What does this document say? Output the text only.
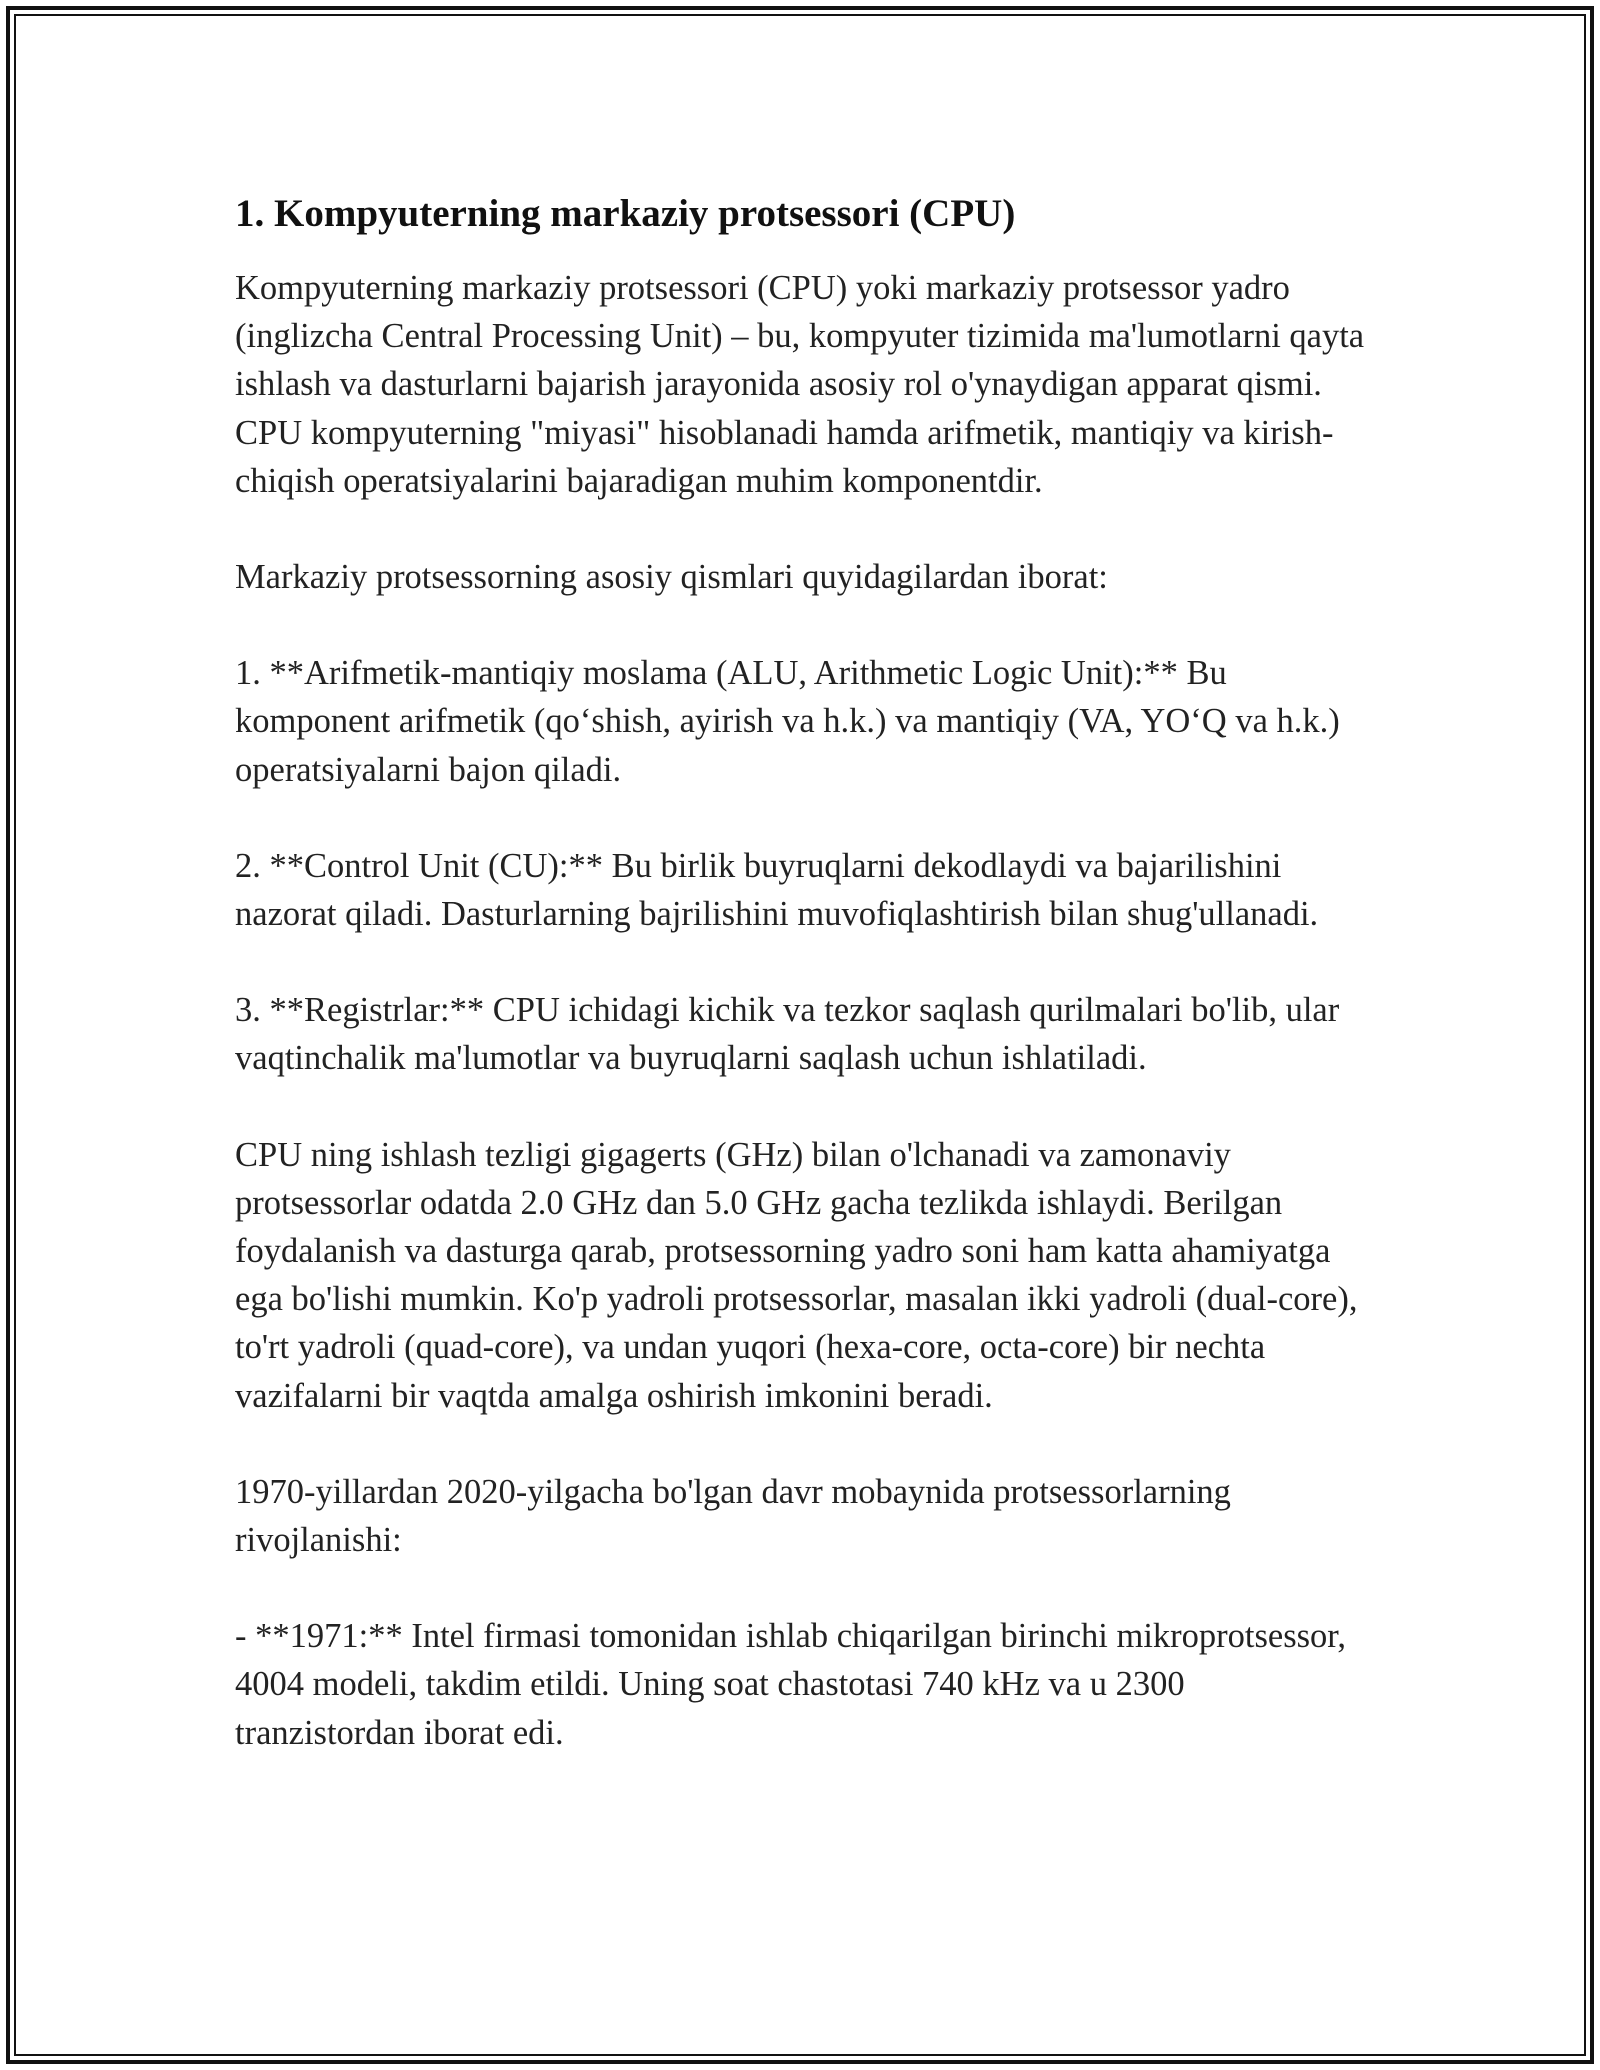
1. Kompyuterning markaziy protsessori (CPU)

Kompyuterning markaziy protsessori (CPU) yoki markaziy protsessor yadro (inglizcha Central Processing Unit) – bu, kompyuter tizimida ma'lumotlarni qayta ishlash va dasturlarni bajarish jarayonida asosiy rol o'ynaydigan apparat qismi. CPU kompyuterning "miyasi" hisoblanadi hamda arifmetik, mantiqiy va kirish-chiqish operatsiyalarini bajaradigan muhim komponentdir.

Markaziy protsessorning asosiy qismlari quyidagilardan iborat:

1. **Arifmetik-mantiqiy moslama (ALU, Arithmetic Logic Unit):** Bu komponent arifmetik (qo‘shish, ayirish va h.k.) va mantiqiy (VA, YO‘Q va h.k.) operatsiyalarni bajon qiladi.

2. **Control Unit (CU):** Bu birlik buyruqlarni dekodlaydi va bajarilishini nazorat qiladi. Dasturlarning bajrilishini muvofiqlashtirish bilan shug'ullanadi.

3. **Registrlar:** CPU ichidagi kichik va tezkor saqlash qurilmalari bo'lib, ular vaqtinchalik ma'lumotlar va buyruqlarni saqlash uchun ishlatiladi.

CPU ning ishlash tezligi gigagerts (GHz) bilan o'lchanadi va zamonaviy protsessorlar odatda 2.0 GHz dan 5.0 GHz gacha tezlikda ishlaydi. Berilgan foydalanish va dasturga qarab, protsessorning yadro soni ham katta ahamiyatga ega bo'lishi mumkin. Ko'p yadroli protsessorlar, masalan ikki yadroli (dual-core), to'rt yadroli (quad-core), va undan yuqori (hexa-core, octa-core) bir nechta vazifalarni bir vaqtda amalga oshirish imkonini beradi.

1970-yillardan 2020-yilgacha bo'lgan davr mobaynida protsessorlarning rivojlanishi:

- **1971:** Intel firmasi tomonidan ishlab chiqarilgan birinchi mikroprotsessor, 4004 modeli, takdim etildi. Uning soat chastotasi 740 kHz va u 2300 tranzistordan iborat edi.
